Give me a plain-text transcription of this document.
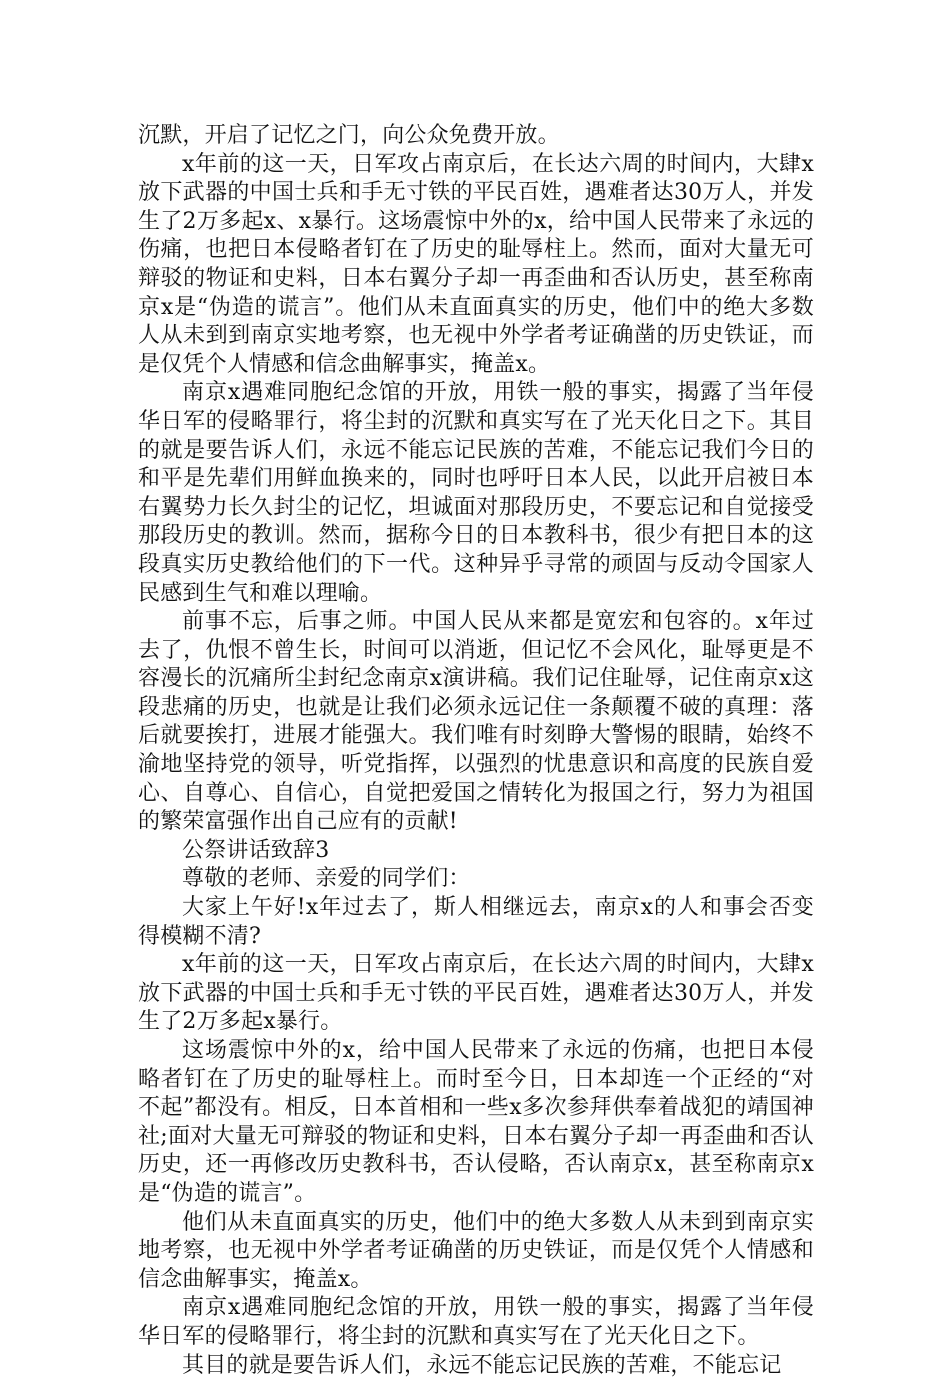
沉默，开启了记忆之门，向公众免费开放。

x年前的这一天，日军攻占南京后，在长达六周的时间内，大肆x放下武器的中国士兵和手无寸铁的平民百姓，遇难者达30万人，并发生了2万多起x、x暴行。这场震惊中外的x，给中国人民带来了永远的伤痛，也把日本侵略者钉在了历史的耻辱柱上。然而，面对大量无可辩驳的物证和史料，日本右翼分子却一再歪曲和否认历史，甚至称南京x是“伪造的谎言”。他们从未直面真实的历史，他们中的绝大多数人从未到到南京实地考察，也无视中外学者考证确凿的历史铁证，而是仅凭个人情感和信念曲解事实，掩盖x。

南京x遇难同胞纪念馆的开放，用铁一般的事实，揭露了当年侵华日军的侵略罪行，将尘封的沉默和真实写在了光天化日之下。其目的就是要告诉人们，永远不能忘记民族的苦难，不能忘记我们今日的和平是先辈们用鲜血换来的，同时也呼吁日本人民，以此开启被日本右翼势力长久封尘的记忆，坦诚面对那段历史，不要忘记和自觉接受那段历史的教训。然而，据称今日的日本教科书，很少有把日本的这段真实历史教给他们的下一代。这种异乎寻常的顽固与反动令国家人民感到生气和难以理喻。

前事不忘，后事之师。中国人民从来都是宽宏和包容的。x年过去了，仇恨不曾生长，时间可以消逝，但记忆不会风化，耻辱更是不容漫长的沉痛所尘封纪念南京x演讲稿。我们记住耻辱，记住南京x这段悲痛的历史，也就是让我们必须永远记住一条颠覆不破的真理：落后就要挨打，进展才能强大。我们唯有时刻睁大警惕的眼睛，始终不渝地坚持党的领导，听党指挥，以强烈的忧患意识和高度的民族自爱心、自尊心、自信心，自觉把爱国之情转化为报国之行，努力为祖国的繁荣富强作出自己应有的贡献!

公祭讲话致辞3

尊敬的老师、亲爱的同学们：

大家上午好!x年过去了，斯人相继远去，南京x的人和事会否变得模糊不清?

x年前的这一天，日军攻占南京后，在长达六周的时间内，大肆x放下武器的中国士兵和手无寸铁的平民百姓，遇难者达30万人，并发生了2万多起x暴行。

这场震惊中外的x，给中国人民带来了永远的伤痛，也把日本侵略者钉在了历史的耻辱柱上。而时至今日，日本却连一个正经的“对不起”都没有。相反，日本首相和一些x多次参拜供奉着战犯的靖国神社;面对大量无可辩驳的物证和史料，日本右翼分子却一再歪曲和否认历史，还一再修改历史教科书，否认侵略，否认南京x，甚至称南京x是“伪造的谎言”。

他们从未直面真实的历史，他们中的绝大多数人从未到到南京实地考察，也无视中外学者考证确凿的历史铁证，而是仅凭个人情感和信念曲解事实，掩盖x。

南京x遇难同胞纪念馆的开放，用铁一般的事实，揭露了当年侵华日军的侵略罪行，将尘封的沉默和真实写在了光天化日之下。

其目的就是要告诉人们，永远不能忘记民族的苦难，不能忘记
